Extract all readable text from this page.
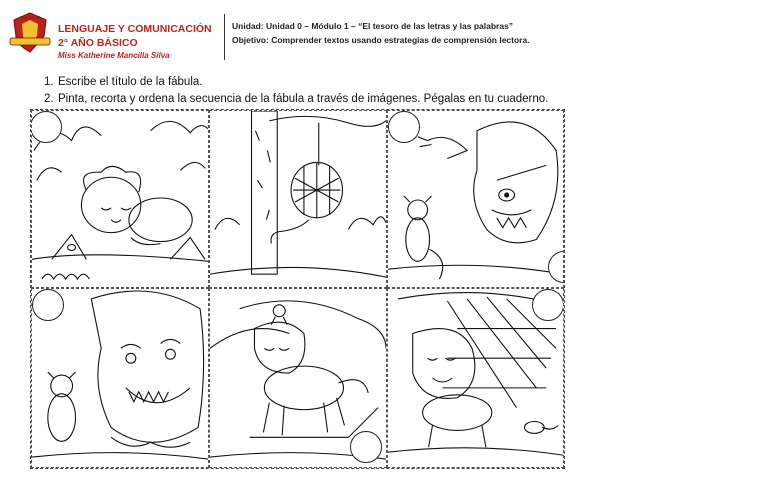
COLEGIO
LENGUAJE Y COMUNICACIÓN
2° AÑO BÁSICO
Miss Katherine Mancilla Silva
Unidad: Unidad 0 – Módulo 1 – “El tesoro de las letras y las palabras”
Objetivo: Comprender textos usando estrategias de comprensión lectora.
1. Escribe el título de la fábula.
2. Pinta, recorta y ordena la secuencia de la fábula a través de imágenes. Pégalas en tu cuaderno.
